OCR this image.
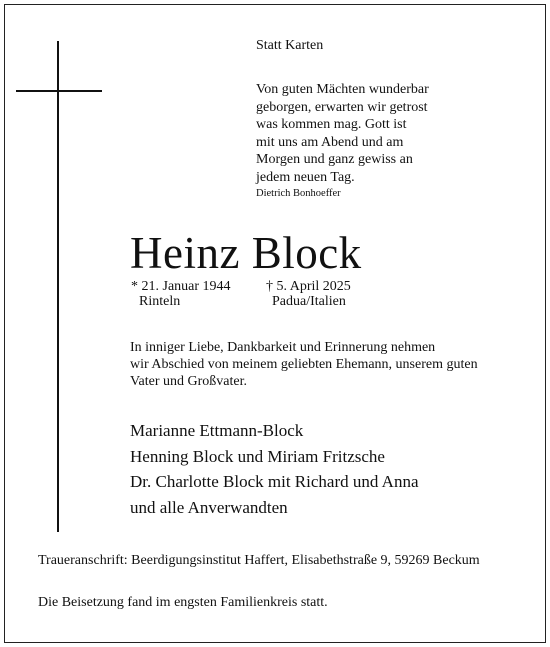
Statt Karten
Von guten Mächten wunderbar
geborgen, erwarten wir getrost
was kommen mag. Gott ist
mit uns am Abend und am
Morgen und ganz gewiss an
jedem neuen Tag.
Dietrich Bonhoeffer
Heinz Block
* 21. Januar 1944
Rinteln
† 5. April 2025
Padua/Italien
In inniger Liebe, Dankbarkeit und Erinnerung nehmen
wir Abschied von meinem geliebten Ehemann, unserem guten
Vater und Großvater.
Marianne Ettmann-Block
Henning Block und Miriam Fritzsche
Dr. Charlotte Block mit Richard und Anna
und alle Anverwandten
Traueranschrift: Beerdigungsinstitut Haffert, Elisabethstraße 9, 59269 Beckum
Die Beisetzung fand im engsten Familienkreis statt.
